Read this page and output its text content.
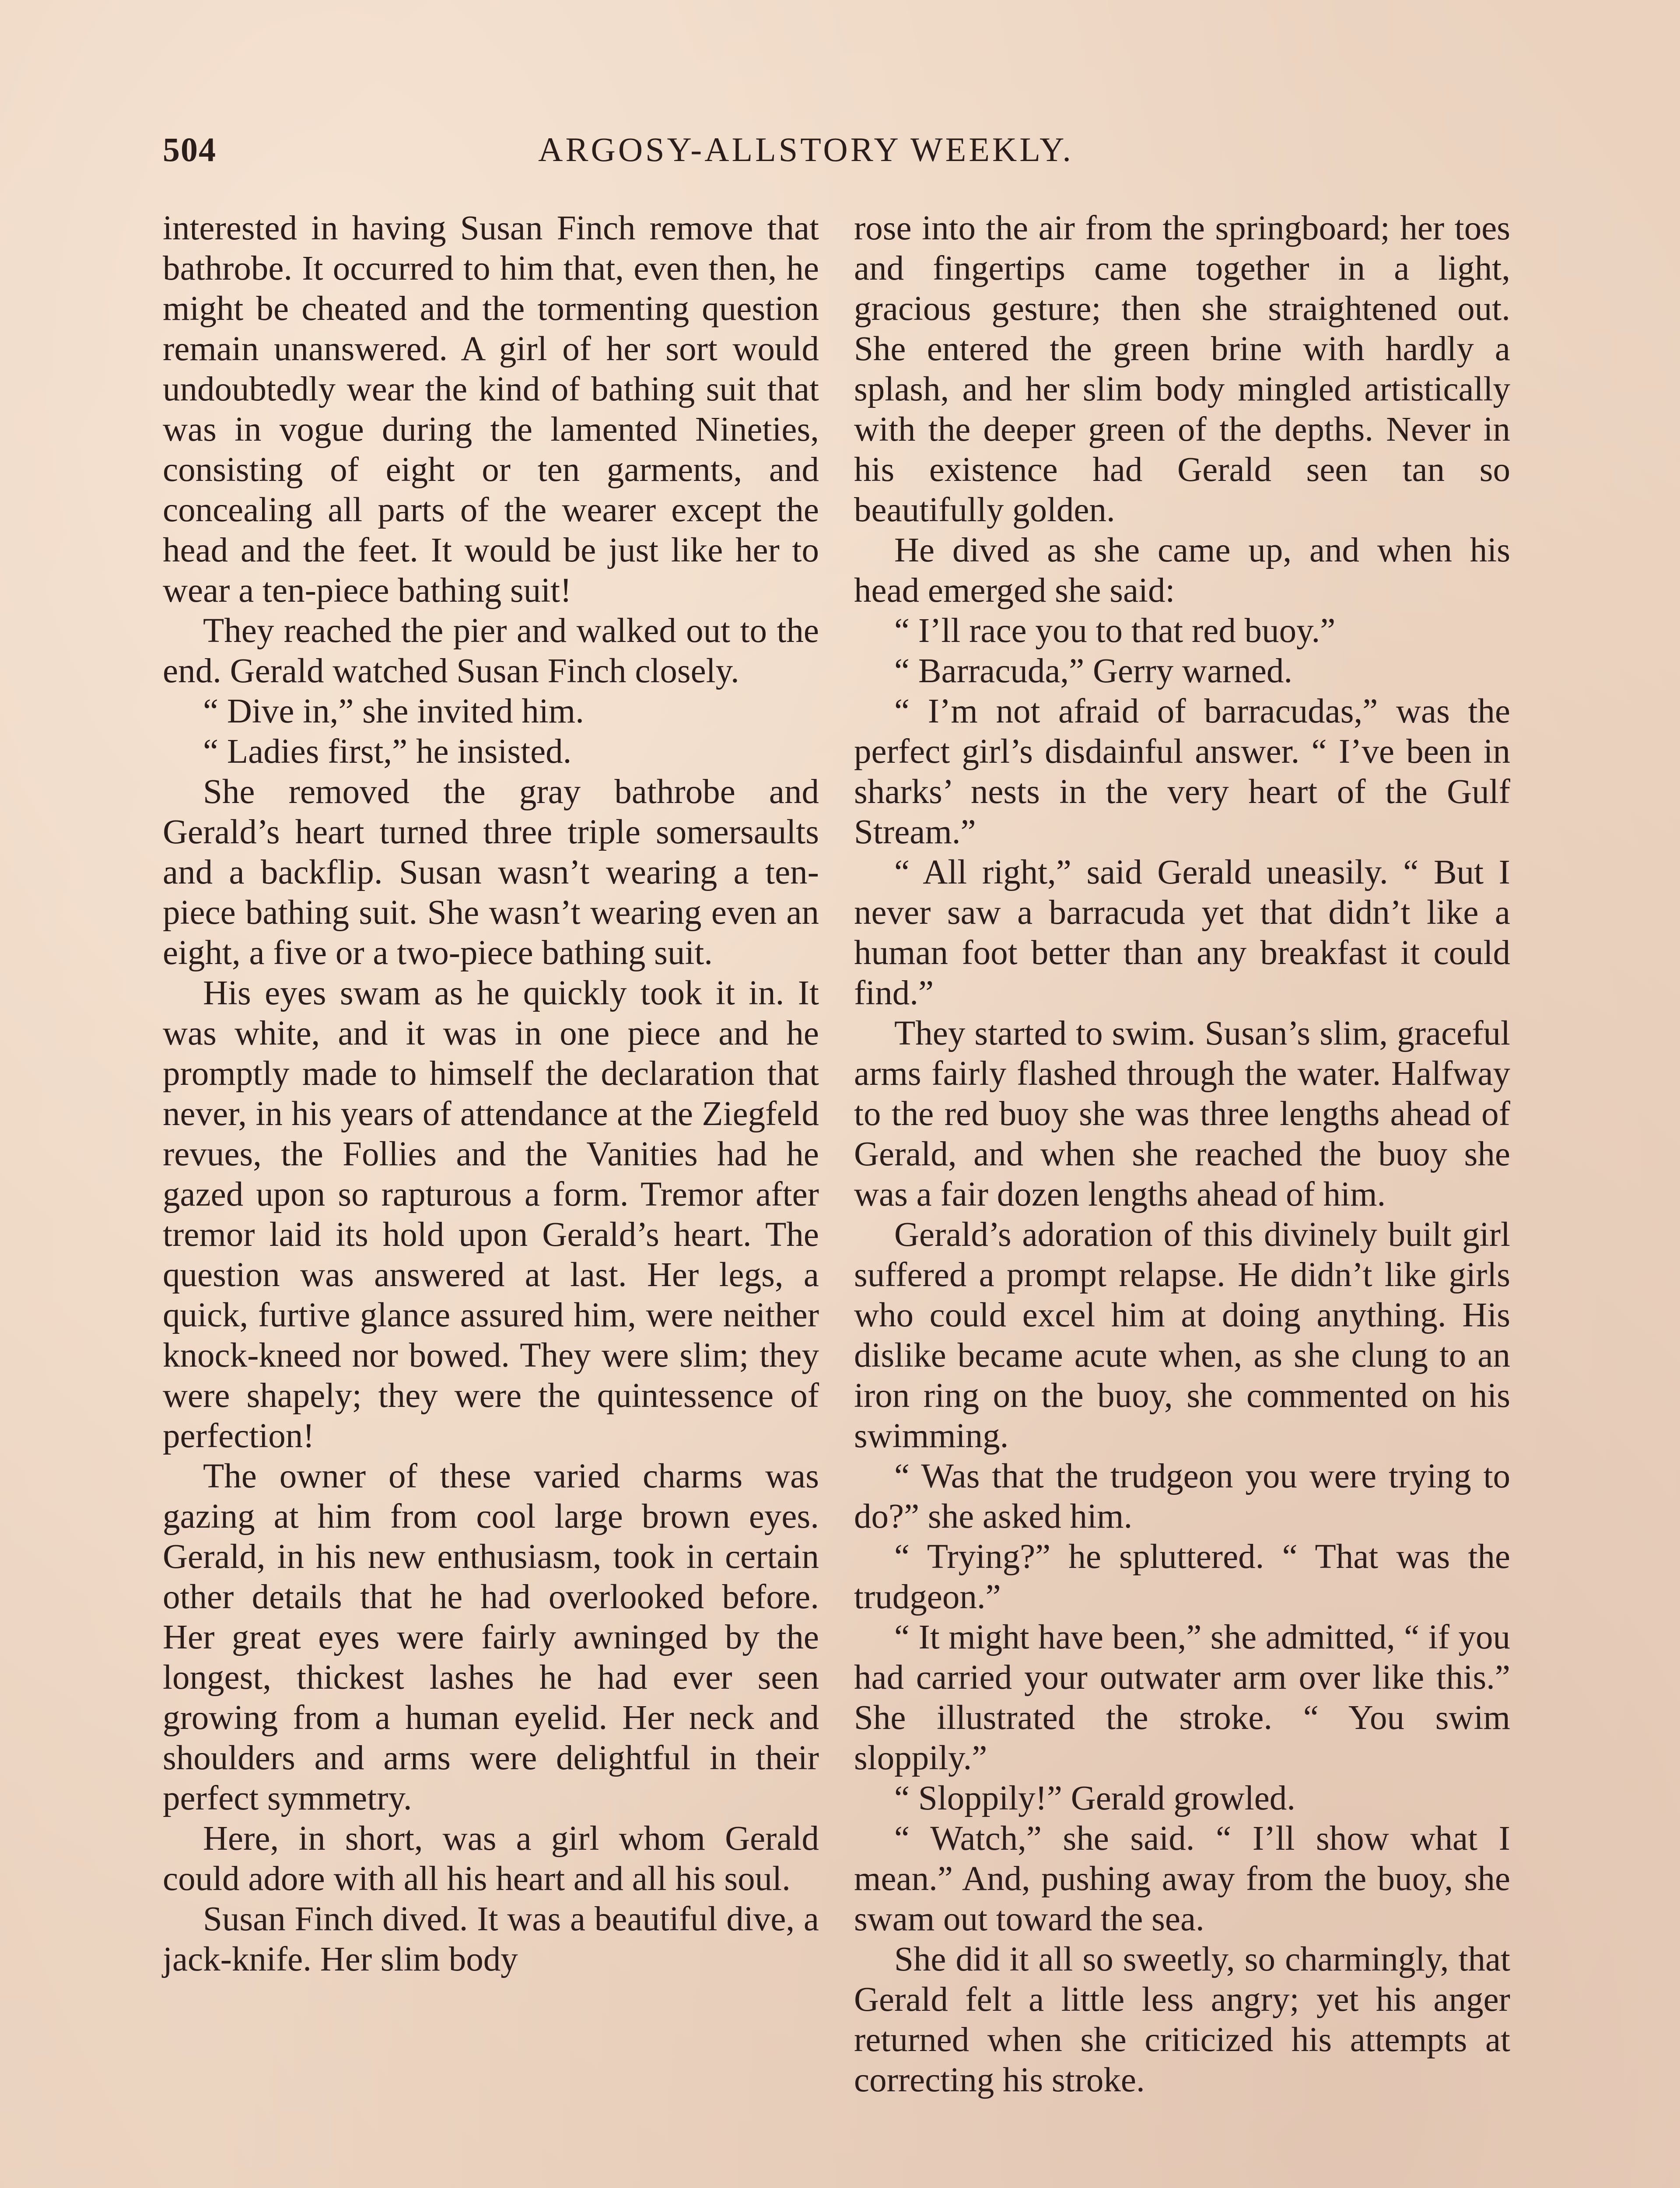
504	ARGOSY-ALLSTORY WEEKLY.

interested in having Susan Finch remove that bathrobe. It occurred to him that, even then, he might be cheated and the tormenting question remain unanswered. A girl of her sort would undoubtedly wear the kind of bathing suit that was in vogue during the lamented Nineties, consisting of eight or ten garments, and concealing all parts of the wearer except the head and the feet. It would be just like her to wear a ten-piece bathing suit!

They reached the pier and walked out to the end. Gerald watched Susan Finch closely.

“ Dive in,” she invited him.

“ Ladies first,” he insisted.

She removed the gray bathrobe and Gerald’s heart turned three triple somersaults and a backflip. Susan wasn’t wearing a ten-piece bathing suit. She wasn’t wearing even an eight, a five or a two-piece bathing suit.

His eyes swam as he quickly took it in. It was white, and it was in one piece and he promptly made to himself the declaration that never, in his years of attendance at the Ziegfeld revues, the Follies and the Vanities had he gazed upon so rapturous a form. Tremor after tremor laid its hold upon Gerald’s heart. The question was answered at last. Her legs, a quick, furtive glance assured him, were neither knock-kneed nor bowed. They were slim; they were shapely; they were the quintessence of perfection!

The owner of these varied charms was gazing at him from cool large brown eyes. Gerald, in his new enthusiasm, took in certain other details that he had overlooked before. Her great eyes were fairly awninged by the longest, thickest lashes he had ever seen growing from a human eyelid. Her neck and shoulders and arms were delightful in their perfect symmetry.

Here, in short, was a girl whom Gerald could adore with all his heart and all his soul.

Susan Finch dived. It was a beautiful dive, a jack-knife. Her slim body

rose into the air from the springboard; her toes and fingertips came together in a light, gracious gesture; then she straightened out. She entered the green brine with hardly a splash, and her slim body mingled artistically with the deeper green of the depths. Never in his existence had Gerald seen tan so beautifully golden.

He dived as she came up, and when his head emerged she said:

“ I’ll race you to that red buoy.”

“ Barracuda,” Gerry warned.

“ I’m not afraid of barracudas,” was the perfect girl’s disdainful answer. “ I’ve been in sharks’ nests in the very heart of the Gulf Stream.”

“ All right,” said Gerald uneasily. “ But I never saw a barracuda yet that didn’t like a human foot better than any breakfast it could find.”

They started to swim. Susan’s slim, graceful arms fairly flashed through the water. Halfway to the red buoy she was three lengths ahead of Gerald, and when she reached the buoy she was a fair dozen lengths ahead of him.

Gerald’s adoration of this divinely built girl suffered a prompt relapse. He didn’t like girls who could excel him at doing anything. His dislike became acute when, as she clung to an iron ring on the buoy, she commented on his swimming.

“ Was that the trudgeon you were trying to do?” she asked him.

“ Trying?” he spluttered. “ That was the trudgeon.”

“ It might have been,” she admitted, “ if you had carried your outwater arm over like this.” She illustrated the stroke. “ You swim sloppily.”

“ Sloppily!” Gerald growled.

“ Watch,” she said. “ I’ll show what I mean.” And, pushing away from the buoy, she swam out toward the sea.

She did it all so sweetly, so charmingly, that Gerald felt a little less angry; yet his anger returned when she criticized his attempts at correcting his stroke.
